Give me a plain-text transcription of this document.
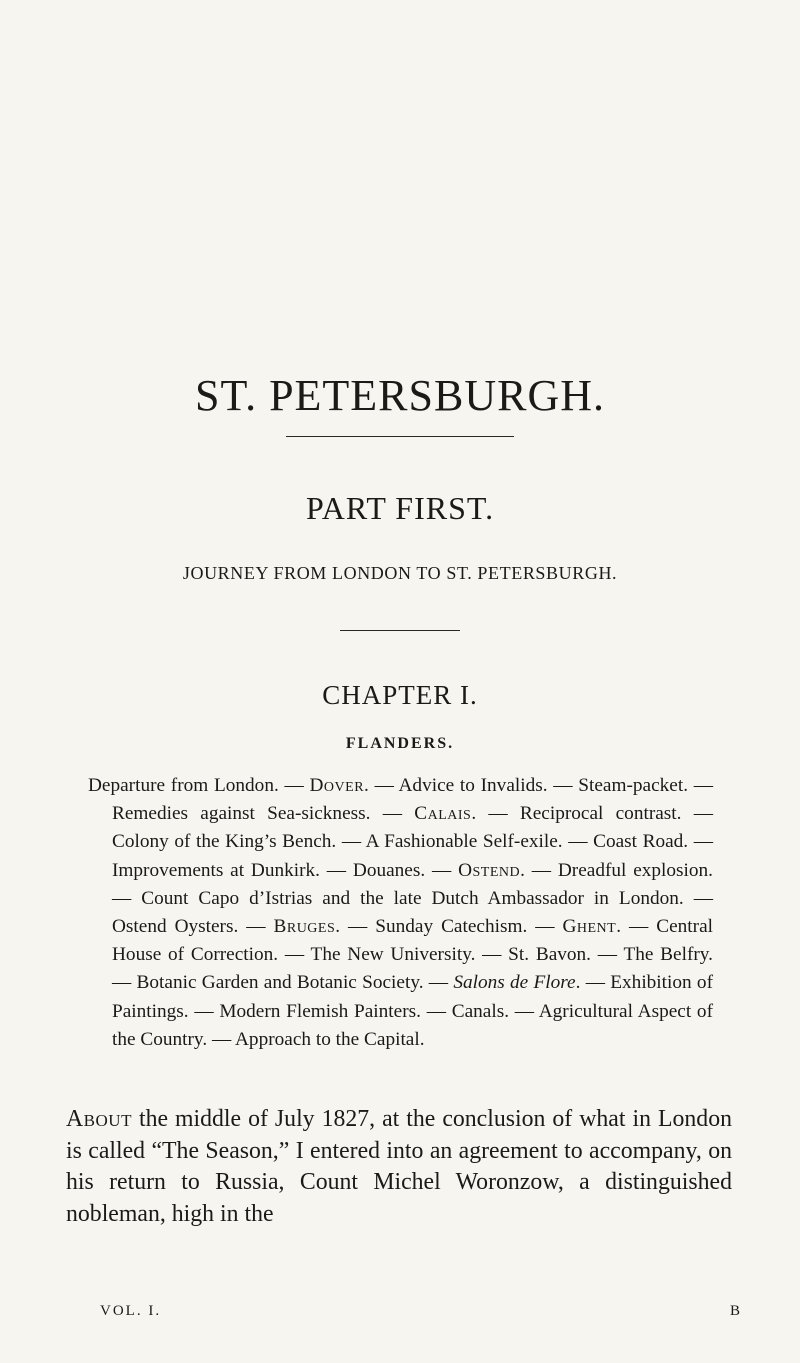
ST. PETERSBURGH.
PART FIRST.

JOURNEY FROM LONDON TO ST. PETERSBURGH.

CHAPTER I.

FLANDERS.

Departure from London. — Dover. — Advice to Invalids. — Steam-packet. — Remedies against Sea-sickness. — Calais. — Reciprocal contrast. — Colony of the King’s Bench. — A Fashionable Self-exile. — Coast Road. — Improvements at Dunkirk. — Douanes. — Ostend. — Dreadful explosion. — Count Capo d’Istrias and the late Dutch Ambassador in London. — Ostend Oysters. — Bruges. — Sunday Catechism. — Ghent. — Central House of Correction. — The New University. — St. Bavon. — The Belfry. — Botanic Garden and Botanic Society. — Salons de Flore. — Exhibition of Paintings. — Modern Flemish Painters. — Canals. — Agricultural Aspect of the Country. — Approach to the Capital.

About the middle of July 1827, at the conclusion of what in London is called “The Season,” I entered into an agreement to accompany, on his return to Russia, Count Michel Woronzow, a distinguished nobleman, high in the

VOL. I.	B
